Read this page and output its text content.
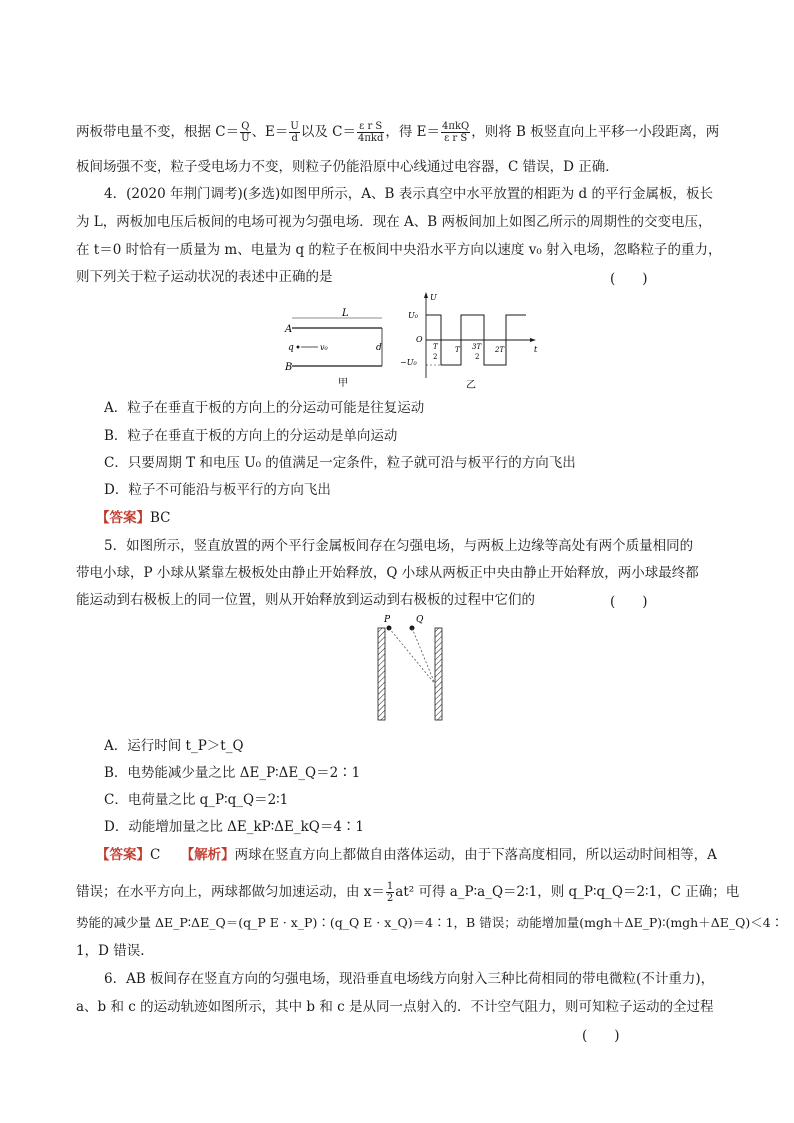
两板带电量不变，根据 $C= \frac{Q}{U}$ 、$E= \frac{U}{d}$ 以及 $C= \frac{\text{ε r S}}{\text{4πkd}}$ ，得 $E= \frac{\text{4πkQ}}{\text{ε r S}}$ ，则将 B 板竖直向上平移一小段距离，两
板间场强不变，粒子受电场力不变，则粒子仍能沿原中心线通过电容器，C 错误，D 正确．
4．(2020 年荆门调考)(多选)如图甲所示，A、B 表示真空中水平放置的相距为 d 的平行金属板，板长
为 L，两板加电压后板间的电场可视为匀强电场．现在 A、B 两板间加上如图乙所示的周期性的交变电压，
在 t＝0 时恰有一质量为 m、电量为 q 的粒子在板间中央沿水平方向以速度 v₀ 射入电场，忽略粒子的重力，
则下列关于粒子运动状况的表述中正确的是	(　　)
A
B
L
q	v₀	d
甲
U
U₀
O
−U₀
T
2
T 3T
2
2T	t
乙
A．粒子在垂直于板的方向上的分运动可能是往复运动
B．粒子在垂直于板的方向上的分运动是单向运动
C．只要周期 T 和电压 U₀ 的值满足一定条件，粒子就可沿与板平行的方向飞出
D．粒子不可能沿与板平行的方向飞出
【答案】BC
5．如图所示，竖直放置的两个平行金属板间存在匀强电场，与两板上边缘等高处有两个质量相同的
带电小球，P 小球从紧靠左极板处由静止开始释放，Q 小球从两板正中央由静止开始释放，两小球最终都
能运动到右极板上的同一位置，则从开始释放到运动到右极板的过程中它们的	(　　)
P	Q
A．运行时间 t_P＞t_Q
B．电势能减少量之比 ΔE_P∶ΔE_Q＝2∶1
C．电荷量之比 q_P∶q_Q＝2∶1
D．动能增加量之比 ΔE_kP∶ΔE_kQ＝4∶1
【答案】C　　 【解析】两球在竖直方向上都做自由落体运动，由于下落高度相同，所以运动时间相等，A
错误；在水平方向上，两球都做匀加速运动，由 $x= \frac{1}{2} at^2$ 可得 a_P∶a_Q＝2∶1，则 q_P∶q_Q＝2∶1，C 正确；电
势能的减少量 ΔE_P∶ΔE_Q＝(q_P E · x_P)∶(q_Q E · x_Q)＝4∶1，B 错误；动能增加量(mgh＋ΔE_P)∶(mgh＋ΔE_Q)＜4∶
1，D 错误.
6．AB 板间存在竖直方向的匀强电场，现沿垂直电场线方向射入三种比荷相同的带电微粒(不计重力)，
a、b 和 c 的运动轨迹如图所示，其中 b 和 c 是从同一点射入的．不计空气阻力，则可知粒子运动的全过程
(　　)
